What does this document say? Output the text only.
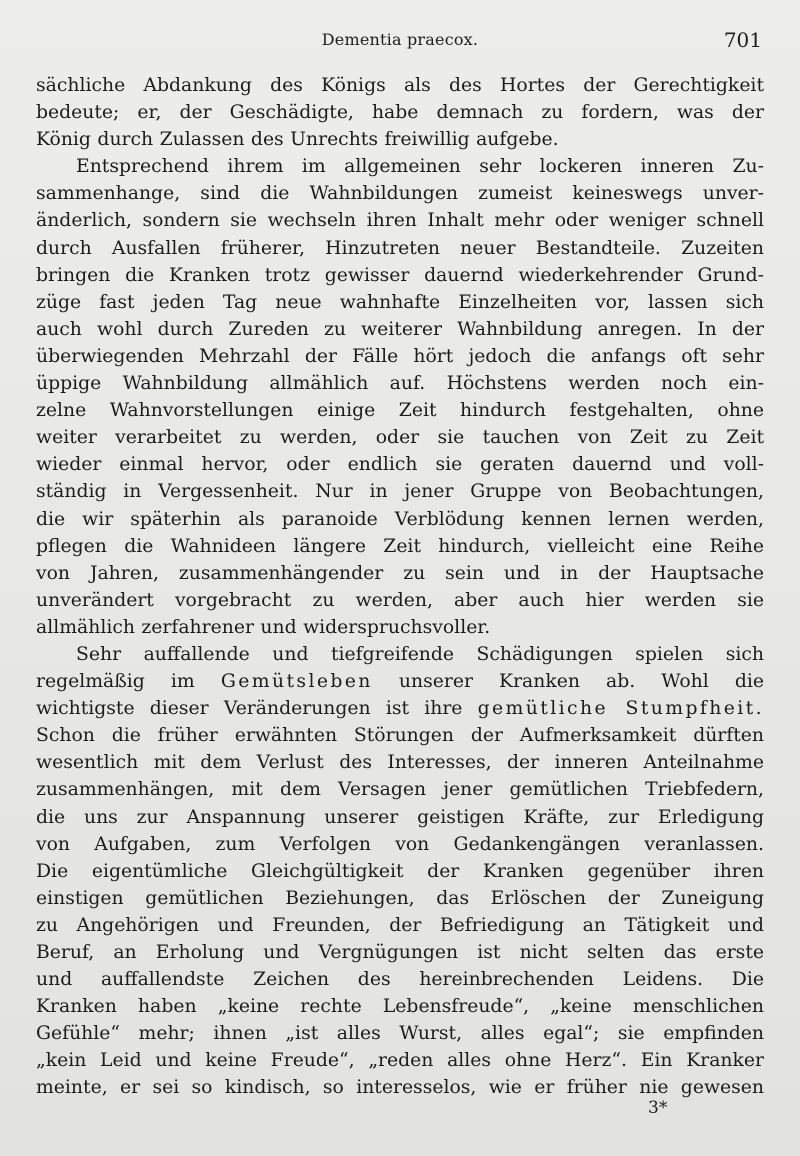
Dementia praecox.	701
sächliche Abdankung des Königs als des Hortes der Gerechtigkeit
bedeute; er, der Geschädigte, habe demnach zu fordern, was der
König durch Zulassen des Unrechts freiwillig aufgebe.
Entsprechend ihrem im allgemeinen sehr lockeren inneren Zu-
sammenhange, sind die Wahnbildungen zumeist keineswegs unver-
änderlich, sondern sie wechseln ihren Inhalt mehr oder weniger schnell
durch Ausfallen früherer, Hinzutreten neuer Bestandteile. Zuzeiten
bringen die Kranken trotz gewisser dauernd wiederkehrender Grund-
züge fast jeden Tag neue wahnhafte Einzelheiten vor, lassen sich
auch wohl durch Zureden zu weiterer Wahnbildung anregen. In der
überwiegenden Mehrzahl der Fälle hört jedoch die anfangs oft sehr
üppige Wahnbildung allmählich auf. Höchstens werden noch ein-
zelne Wahnvorstellungen einige Zeit hindurch festgehalten, ohne
weiter verarbeitet zu werden, oder sie tauchen von Zeit zu Zeit
wieder einmal hervor, oder endlich sie geraten dauernd und voll-
ständig in Vergessenheit. Nur in jener Gruppe von Beobachtungen,
die wir späterhin als paranoide Verblödung kennen lernen werden,
pflegen die Wahnideen längere Zeit hindurch, vielleicht eine Reihe
von Jahren, zusammenhängender zu sein und in der Hauptsache
unverändert vorgebracht zu werden, aber auch hier werden sie
allmählich zerfahrener und widerspruchsvoller.
Sehr auffallende und tiefgreifende Schädigungen spielen sich
regelmäßig im Gemütsleben unserer Kranken ab. Wohl die
wichtigste dieser Veränderungen ist ihre gemütliche Stumpfheit.
Schon die früher erwähnten Störungen der Aufmerksamkeit dürften
wesentlich mit dem Verlust des Interesses, der inneren Anteilnahme
zusammenhängen, mit dem Versagen jener gemütlichen Triebfedern,
die uns zur Anspannung unserer geistigen Kräfte, zur Erledigung
von Aufgaben, zum Verfolgen von Gedankengängen veranlassen.
Die eigentümliche Gleichgültigkeit der Kranken gegenüber ihren
einstigen gemütlichen Beziehungen, das Erlöschen der Zuneigung
zu Angehörigen und Freunden, der Befriedigung an Tätigkeit und
Beruf, an Erholung und Vergnügungen ist nicht selten das erste
und auffallendste Zeichen des hereinbrechenden Leidens. Die
Kranken haben „keine rechte Lebensfreude“, „keine menschlichen
Gefühle“ mehr; ihnen „ist alles Wurst, alles egal“; sie empfinden
„kein Leid und keine Freude“, „reden alles ohne Herz“. Ein Kranker
meinte, er sei so kindisch, so interesselos, wie er früher nie gewesen
3*
